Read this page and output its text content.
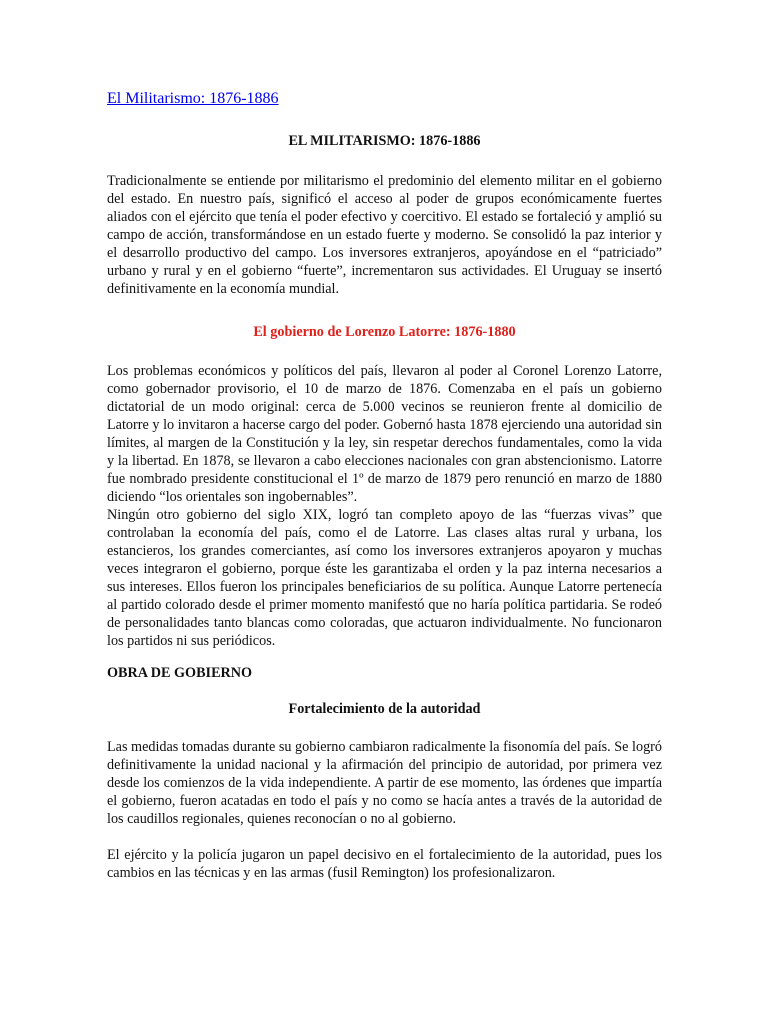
El Militarismo: 1876-1886
EL MILITARISMO: 1876-1886

Tradicionalmente se entiende por militarismo el predominio del elemento militar en el gobierno del estado. En nuestro país, significó el acceso al poder de grupos económicamente fuertes aliados con el ejército que tenía el poder efectivo y coercitivo. El estado se fortaleció y amplió su campo de acción, transformándose en un estado fuerte y moderno. Se consolidó la paz interior y el desarrollo productivo del campo. Los inversores extranjeros, apoyándose en el “patriciado” urbano y rural y en el gobierno “fuerte”, incrementaron sus actividades. El Uruguay se insertó definitivamente en la economía mundial.

El gobierno de Lorenzo Latorre: 1876-1880

Los problemas económicos y políticos del país, llevaron al poder al Coronel Lorenzo Latorre, como gobernador provisorio, el 10 de marzo de 1876. Comenzaba en el país un gobierno dictatorial de un modo original: cerca de 5.000 vecinos se reunieron frente al domicilio de Latorre y lo invitaron a hacerse cargo del poder. Gobernó hasta 1878 ejerciendo una autoridad sin límites, al margen de la Constitución y la ley, sin respetar derechos fundamentales, como la vida y la libertad. En 1878, se llevaron a cabo elecciones nacionales con gran abstencionismo. Latorre fue nombrado presidente constitucional el 1º de marzo de 1879 pero renunció en marzo de 1880 diciendo “los orientales son ingobernables”.

Ningún otro gobierno del siglo XIX, logró tan completo apoyo de las “fuerzas vivas” que controlaban la economía del país, como el de Latorre. Las clases altas rural y urbana, los estancieros, los grandes comerciantes, así como los inversores extranjeros apoyaron y muchas veces integraron el gobierno, porque éste les garantizaba el orden y la paz interna necesarios a sus intereses. Ellos fueron los principales beneficiarios de su política. Aunque Latorre pertenecía al partido colorado desde el primer momento manifestó que no haría política partidaria. Se rodeó de personalidades tanto blancas como coloradas, que actuaron individualmente. No funcionaron los partidos ni sus periódicos.

OBRA DE GOBIERNO
Fortalecimiento de la autoridad

Las medidas tomadas durante su gobierno cambiaron radicalmente la fisonomía del país. Se logró definitivamente la unidad nacional y la afirmación del principio de autoridad, por primera vez desde los comienzos de la vida independiente. A partir de ese momento, las órdenes que impartía el gobierno, fueron acatadas en todo el país y no como se hacía antes a través de la autoridad de los caudillos regionales, quienes reconocían o no al gobierno.

El ejército y la policía jugaron un papel decisivo en el fortalecimiento de la autoridad, pues los cambios en las técnicas y en las armas (fusil Remington) los profesionalizaron.
